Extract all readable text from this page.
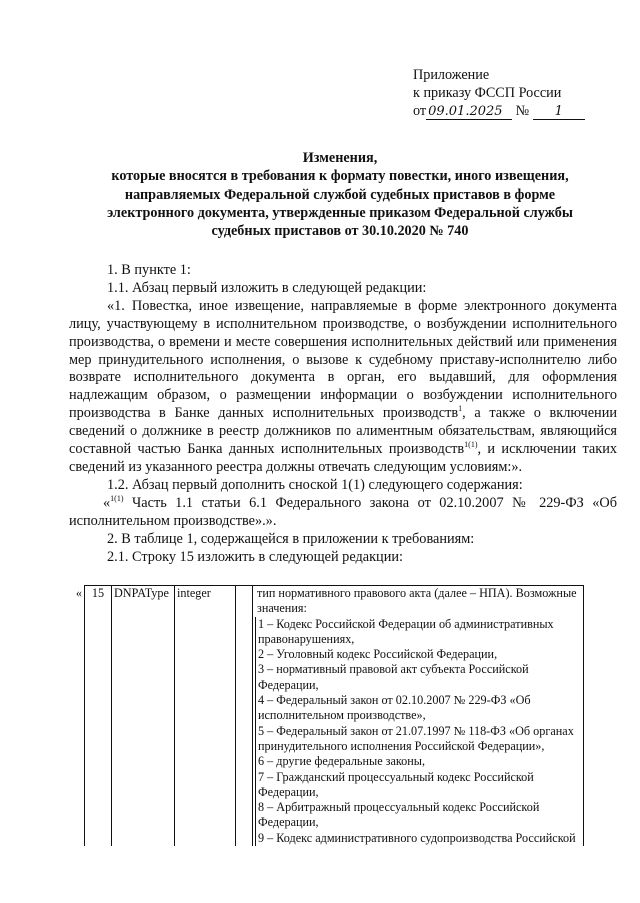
Приложение
к приказу ФССП России
от 09.01.2025 № 1
Изменения,
которые вносятся в требования к формату повестки, иного извещения,
направляемых Федеральной службой судебных приставов в форме
электронного документа, утвержденные приказом Федеральной службы
судебных приставов от 30.10.2020 № 740

1. В пункте 1:

1.1. Абзац первый изложить в следующей редакции:

«1. Повестка, иное извещение, направляемые в форме электронного документа лицу, участвующему в исполнительном производстве, о возбуждении исполнительного производства, о времени и месте совершения исполнительных действий или применения мер принудительного исполнения, о вызове к судебному приставу-исполнителю либо возврате исполнительного документа в орган, его выдавший, для оформления надлежащим образом, о размещении информации о возбуждении исполнительного производства в Банке данных исполнительных производств$^1$, а также о включении сведений о должнике в реестр должников по алиментным обязательствам, являющийся составной частью Банка данных исполнительных производств$^{1(1)}$, и исключении таких сведений из указанного реестра должны отвечать следующим условиям:».

1.2. Абзац первый дополнить сноской 1(1) следующего содержания:

«$^{1(1)}$ Часть 1.1 статьи 6.1 Федерального закона от 02.10.2007 № 229-ФЗ «Об исполнительном производстве».».

2. В таблице 1, содержащейся в приложении к требованиям:

2.1. Строку 15 изложить в следующей редакции:

«	15	DNPAType	integer		тип нормативного правового акта (далее – НПА). Возможные значения:
1 – Кодекс Российской Федерации об административных правонарушениях,
2 – Уголовный кодекс Российской Федерации,
3 – нормативный правовой акт субъекта Российской Федерации,
4 – Федеральный закон от 02.10.2007 № 229-ФЗ «Об исполнительном производстве»,
5 – Федеральный закон от 21.07.1997 № 118-ФЗ «Об органах принудительного исполнения Российской Федерации»,
6 – другие федеральные законы,
7 – Гражданский процессуальный кодекс Российской Федерации,
8 – Арбитражный процессуальный кодекс Российской Федерации,
9 – Кодекс административного судопроизводства Российской
